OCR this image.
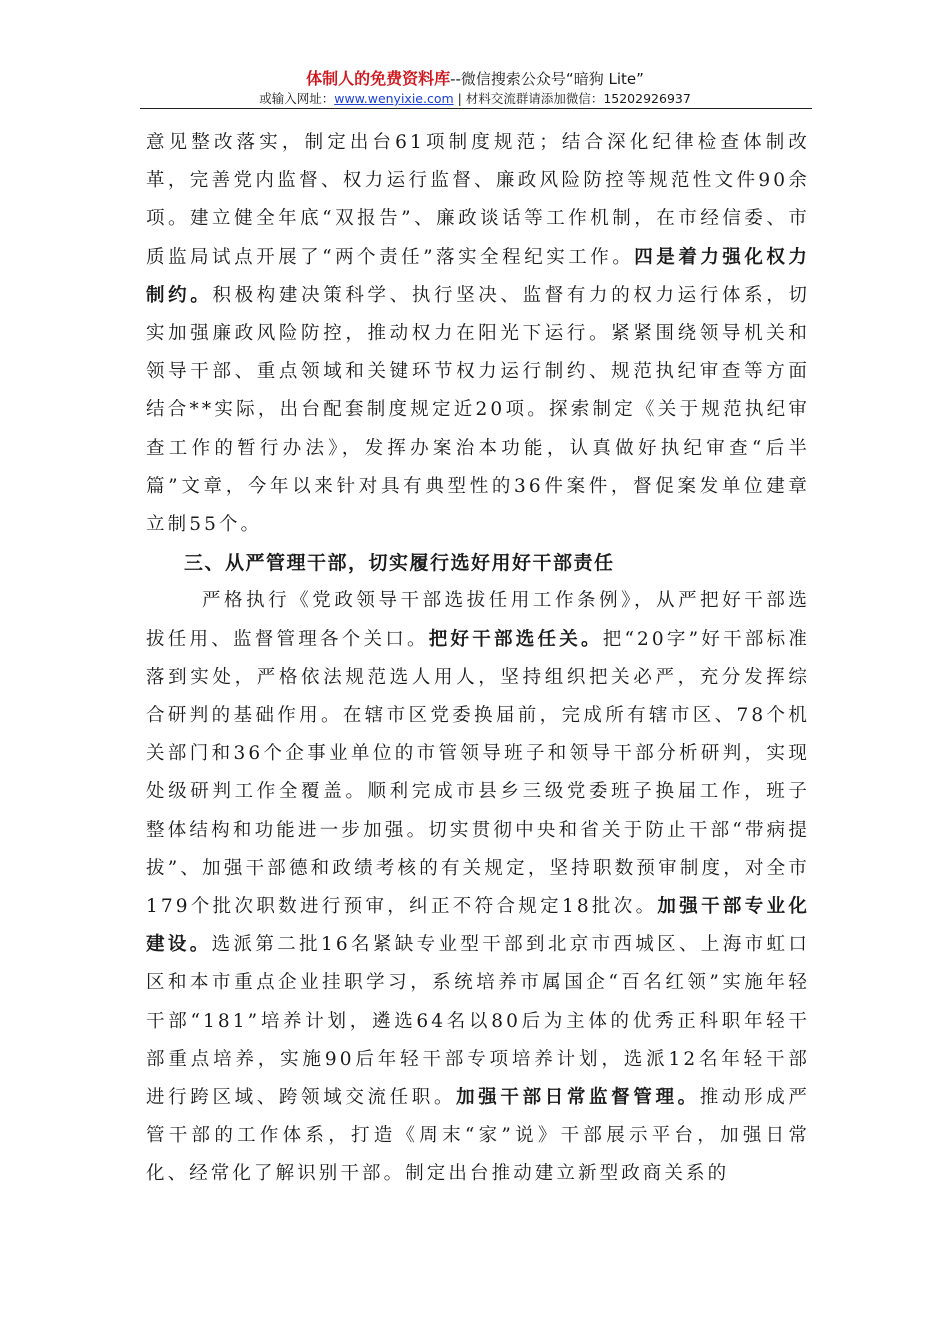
体制人的免费资料库--微信搜索公众号“暗狗 Lite”
或输入网址：www.wenyixie.com | 材料交流群请添加微信：15202926937

意见整改落实，制定出台61项制度规范；结合深化纪律检查体制改革，完善党内监督、权力运行监督、廉政风险防控等规范性文件90余项。建立健全年底“双报告”、廉政谈话等工作机制，在市经信委、市质监局试点开展了“两个责任”落实全程纪实工作。四是着力强化权力制约。积极构建决策科学、执行坚决、监督有力的权力运行体系，切实加强廉政风险防控，推动权力在阳光下运行。紧紧围绕领导机关和领导干部、重点领域和关键环节权力运行制约、规范执纪审查等方面结合**实际，出台配套制度规定近20项。探索制定《关于规范执纪审查工作的暂行办法》，发挥办案治本功能，认真做好执纪审查“后半篇”文章，今年以来针对具有典型性的36件案件，督促案发单位建章立制55个。

三、从严管理干部，切实履行选好用好干部责任

严格执行《党政领导干部选拔任用工作条例》，从严把好干部选拔任用、监督管理各个关口。把好干部选任关。把“20字”好干部标准落到实处，严格依法规范选人用人，坚持组织把关必严，充分发挥综合研判的基础作用。在辖市区党委换届前，完成所有辖市区、78个机关部门和36个企事业单位的市管领导班子和领导干部分析研判，实现处级研判工作全覆盖。顺利完成市县乡三级党委班子换届工作，班子整体结构和功能进一步加强。切实贯彻中央和省关于防止干部“带病提拔”、加强干部德和政绩考核的有关规定，坚持职数预审制度，对全市179个批次职数进行预审，纠正不符合规定18批次。加强干部专业化建设。选派第二批16名紧缺专业型干部到北京市西城区、上海市虹口区和本市重点企业挂职学习，系统培养市属国企“百名红领”实施年轻干部“181”培养计划，遴选64名以80后为主体的优秀正科职年轻干部重点培养，实施90后年轻干部专项培养计划，选派12名年轻干部进行跨区域、跨领域交流任职。加强干部日常监督管理。推动形成严管干部的工作体系，打造《周末“家”说》干部展示平台，加强日常化、经常化了解识别干部。制定出台推动建立新型政商关系的
